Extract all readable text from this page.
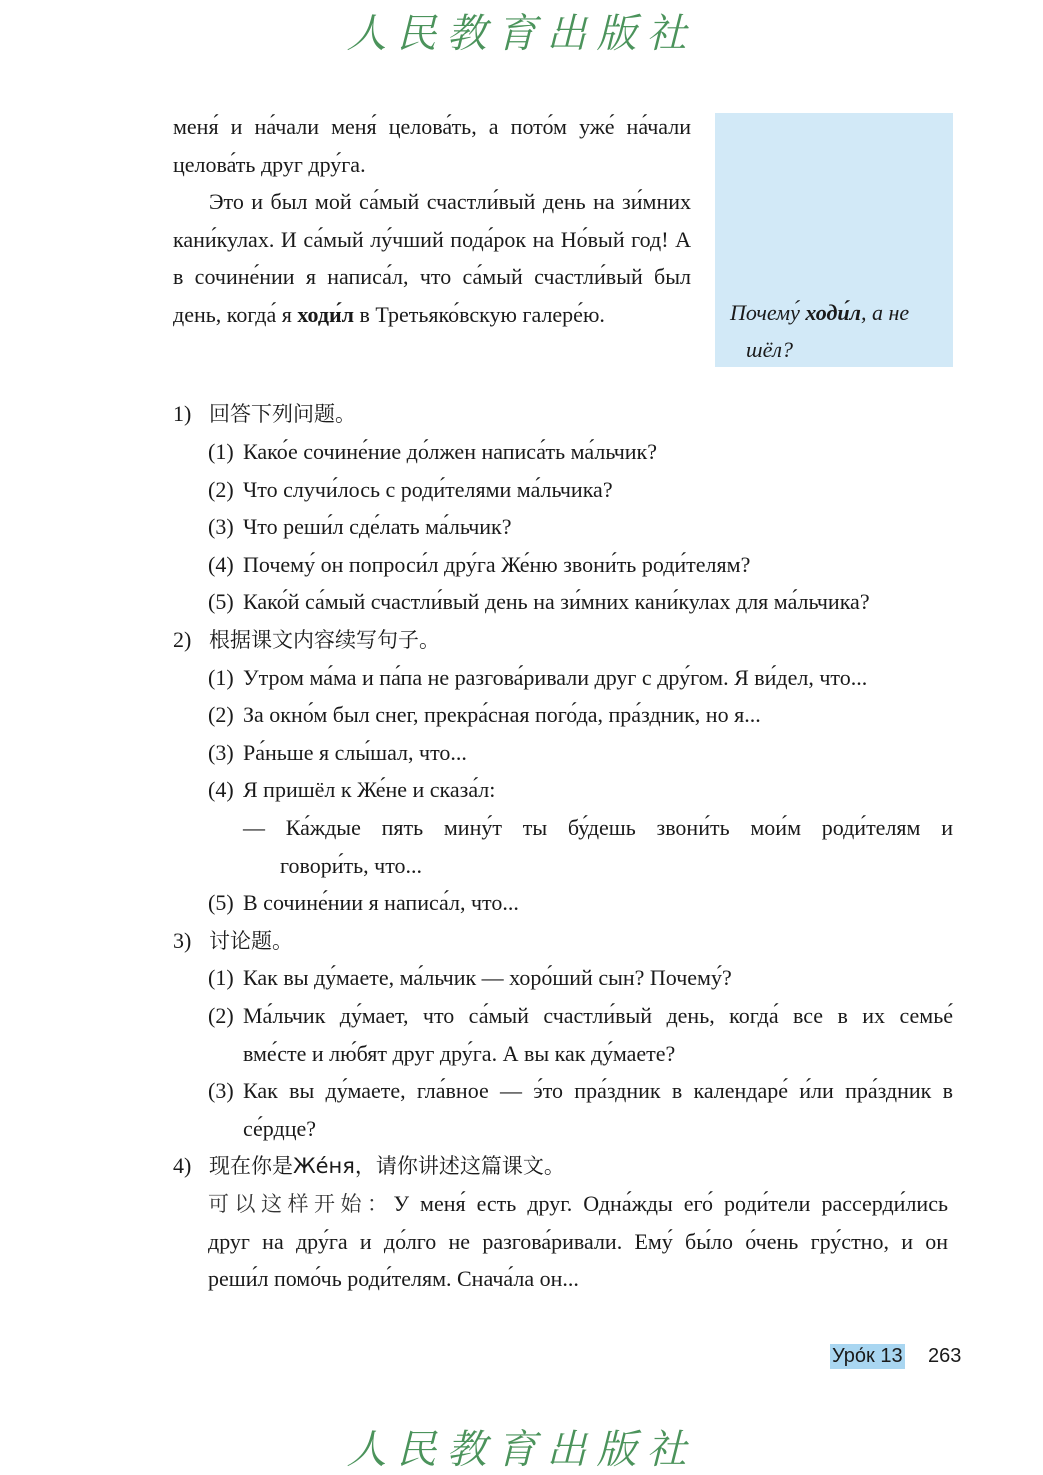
人民教育出版社

меня́ и на́чали меня́ целова́ть, а пото́м уже́ на́чали целова́ть друг дру́га.

Это и был мой са́мый счастли́вый день на зи́мних кани́кулах. И са́мый лу́чший пода́рок на Но́вый год! А в сочине́нии я написа́л, что са́мый счастли́вый был день, когда́ я ходи́л в Третьяко́вскую галере́ю.	Почему́ ходи́л, а не
шёл?
1) 回答下列问题。
(1) Како́е сочине́ние до́лжен написа́ть ма́льчик?
(2) Что случи́лось с роди́телями ма́льчика?
(3) Что реши́л сде́лать ма́льчик?
(4) Почему́ он попроси́л дру́га Же́ню звони́ть роди́телям?
(5) Како́й са́мый счастли́вый день на зи́мних кани́кулах для ма́льчика?
2) 根据课文内容续写句子。
(1) Утром ма́ма и па́па не разгова́ривали друг с дру́гом. Я ви́дел, что...
(2) За окно́м был снег, прекра́сная пого́да, пра́здник, но я...
(3) Ра́ньше я слы́шал, что...
(4) Я пришёл к Же́не и сказа́л:
— Ка́ждые пять мину́т ты бу́дешь звони́ть мои́м роди́телям и
говори́ть, что...
(5) В сочине́нии я написа́л, что...
3) 讨论题。
(1) Как вы ду́маете, ма́льчик — хоро́ший сын? Почему́?
(2) Ма́льчик ду́мает, что са́мый счастли́вый день, когда́ все в их семье́
вме́сте и лю́бят друг дру́га. А вы как ду́маете?
(3) Как вы ду́маете, гла́вное — э́то пра́здник в календаре́ и́ли пра́здник в
се́рдце?
4) 现在你是Же́ня，请你讲述这篇课文。
可以这样开始：У меня́ есть друг. Одна́жды его́ роди́тели рассерди́лись
друг на дру́га и до́лго не разгова́ривали. Ему́ бы́ло о́чень гру́стно, и он
реши́л помо́чь роди́телям. Снача́ла он...
Уро́к 13 263
人民教育出版社
